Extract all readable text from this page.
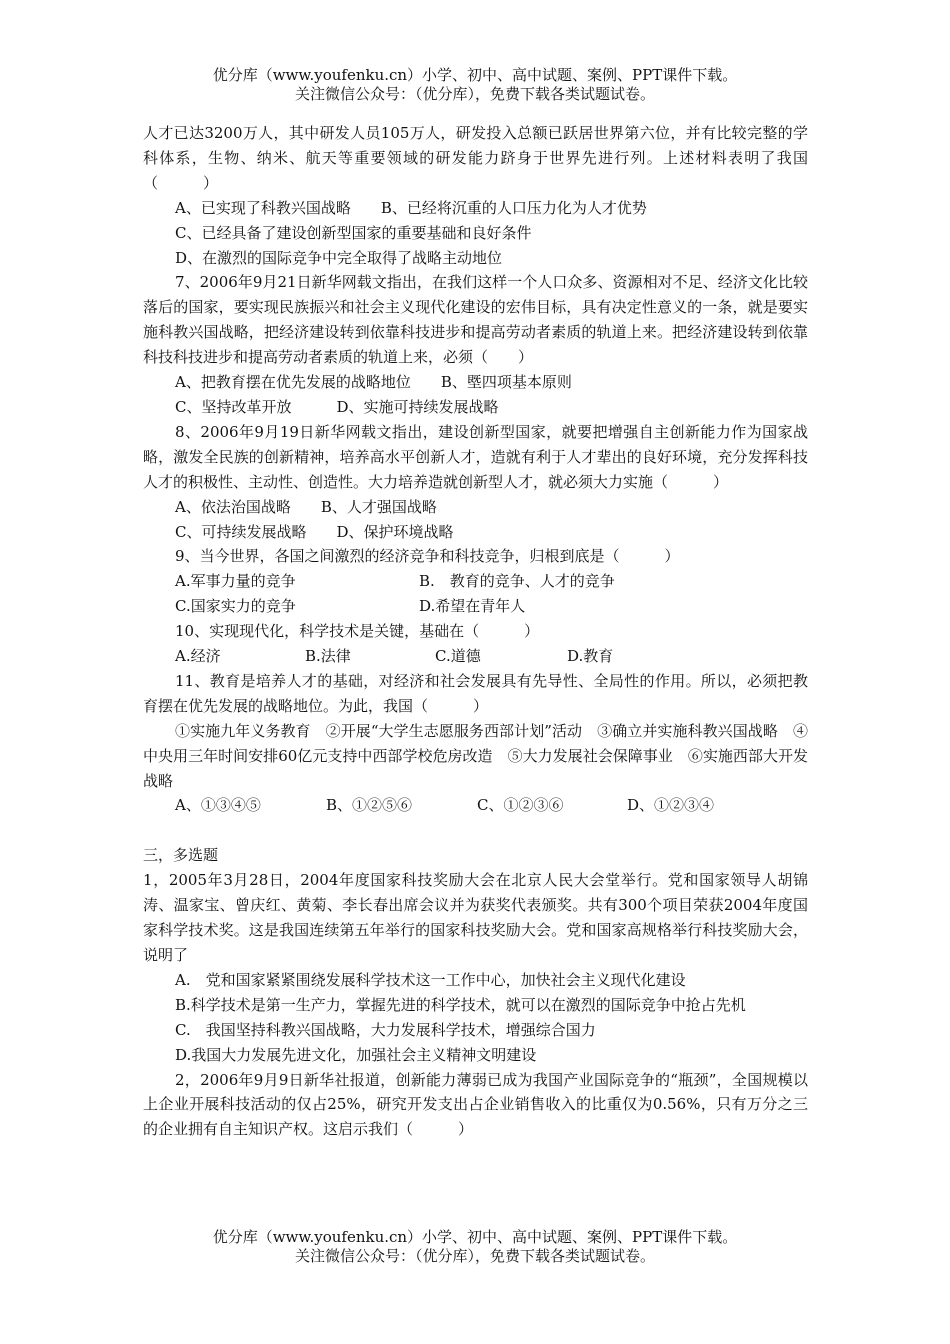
优分库（www.youfenku.cn）小学、初中、高中试题、案例、PPT课件下载。
关注微信公众号：（优分库），免费下载各类试题试卷。

人才已达3200万人，其中研发人员105万人，研发投入总额已跃居世界第六位，并有比较完整的学科体系，生物、纳米、航天等重要领域的研发能力跻身于世界先进行列。上述材料表明了我国（　　　）

A、已实现了科教兴国战略　　B、已经将沉重的人口压力化为人才优势

C、已经具备了建设创新型国家的重要基础和良好条件

D、在激烈的国际竞争中完全取得了战略主动地位

7、2006年9月21日新华网载文指出，在我们这样一个人口众多、资源相对不足、经济文化比较落后的国家，要实现民族振兴和社会主义现代化建设的宏伟目标，具有决定性意义的一条，就是要实施科教兴国战略，把经济建设转到依靠科技进步和提高劳动者素质的轨道上来。把经济建设转到依靠科技科技进步和提高劳动者素质的轨道上来，必须（　　）

A、把教育摆在优先发展的战略地位　　B、塈四项基本原则

C、坚持改革开放　　　D、实施可持续发展战略

8、2006年9月19日新华网载文指出，建设创新型国家，就要把增强自主创新能力作为国家战略，激发全民族的创新精神，培养高水平创新人才，造就有利于人才辈出的良好环境，充分发挥科技人才的积极性、主动性、创造性。大力培养造就创新型人才，就必须大力实施（　　　）

A、依法治国战略　　B、人才强国战略

C、可持续发展战略　　D、保护环境战略

9、当今世界，各国之间激烈的经济竞争和科技竞争，归根到底是（　　　）

A.军事力量的竞争	B.　教育的竞争、人才的竞争
C.国家实力的竞争	D.希望在青年人

10、实现现代化，科学技术是关键，基础在（　　　）

A.经济	B.法律	C.道德	D.教育

11、教育是培养人才的基础，对经济和社会发展具有先导性、全局性的作用。所以，必须把教育摆在优先发展的战略地位。为此，我国（　　　）

①实施九年义务教育　②开展“大学生志愿服务西部计划”活动　③确立并实施科教兴国战略　④中央用三年时间安排60亿元支持中西部学校危房改造　⑤大力发展社会保障事业　⑥实施西部大开发战略

A、①③④⑤	B、①②⑤⑥	C、①②③⑥	D、①②③④

三，多选题

1，2005年3月28日，2004年度国家科技奖励大会在北京人民大会堂举行。党和国家领导人胡锦涛、温家宝、曾庆红、黄菊、李长春出席会议并为获奖代表颁奖。共有300个项目荣获2004年度国家科学技术奖。这是我国连续第五年举行的国家科技奖励大会。党和国家高规格举行科技奖励大会，说明了

A.　党和国家紧紧围绕发展科学技术这一工作中心，加快社会主义现代化建设

B.科学技术是第一生产力，掌握先进的科学技术，就可以在激烈的国际竞争中抢占先机

C.　我国坚持科教兴国战略，大力发展科学技术，增强综合国力

D.我国大力发展先进文化，加强社会主义精神文明建设

2，2006年9月9日新华社报道，创新能力薄弱已成为我国产业国际竞争的“瓶颈”，全国规模以上企业开展科技活动的仅占25%，研究开发支出占企业销售收入的比重仅为0.56%，只有万分之三的企业拥有自主知识产权。这启示我们（　　　）

优分库（www.youfenku.cn）小学、初中、高中试题、案例、PPT课件下载。
关注微信公众号：（优分库），免费下载各类试题试卷。
